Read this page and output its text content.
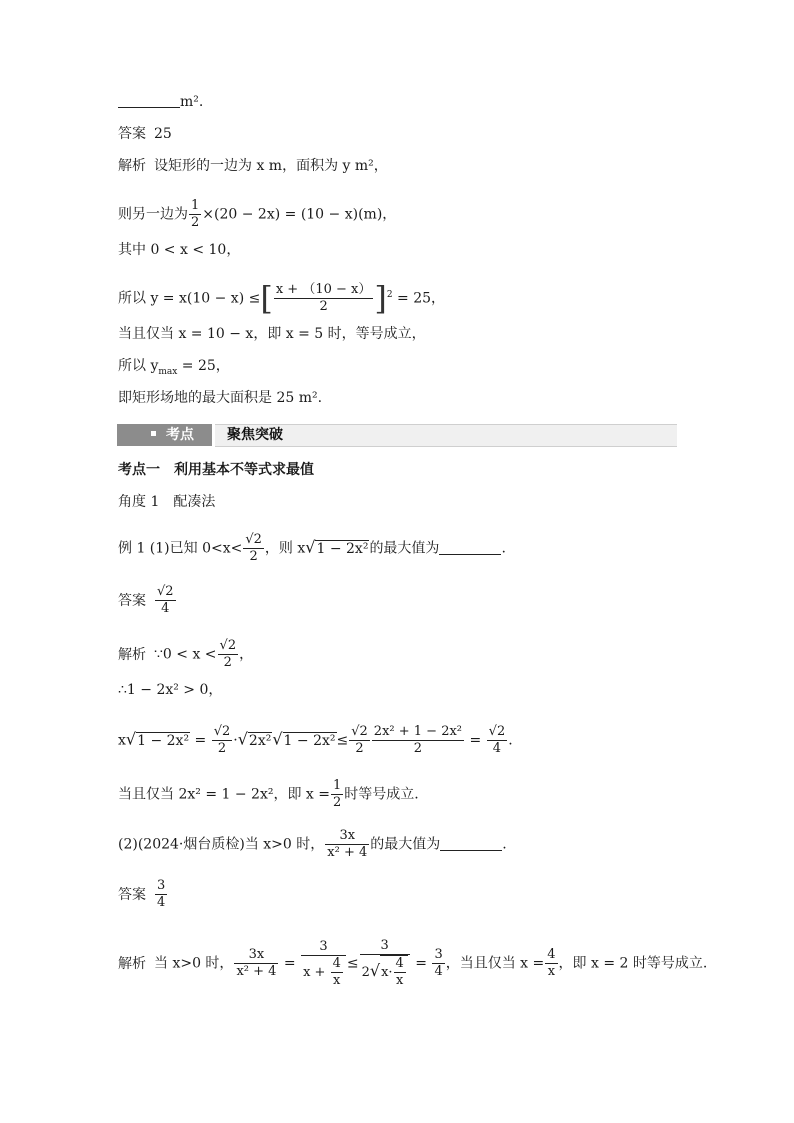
m².
答案 25
解析 设矩形的一边为 x m，面积为 y m²，
则另一边为 $\frac{1}{2} \times(20 - 2x) = (10 - x)(m)$，
其中 0 < x < 10，
所以 y = x(10 − x) ≤[ $\frac{x + (10 - x)}{2} ]^2 = 25$，
当且仅当 x = 10 − x，即 x = 5 时，等号成立，
所以 $y_{max} = 25$，
即矩形场地的最大面积是 25 m².
考点	聚焦突破
考点一　利用基本不等式求最值
角度 1　配凑法
例 1 (1)已知 $0<x< \frac{√2}{2}$ ，则 x√1 − 2x²的最大值为	.
答案 $\frac{√2}{4}$
解析 ∵0 < $x < \frac{√2}{2}$ ，
∴1 − 2x² > 0，
$x√1 - 2x^2 = \frac{√2}{2} \cdot√2x^2√1 - 2x^2\le \frac{√2}{2} \frac{\text{2x² + 1 − 2x²}}{2} = \frac{√2}{4}$ .
当且仅当 2x² = 1 − 2x²，即 $x = \frac{1}{2}$ 时等号成立.
(2)(2024·烟台质检)当 x>0 时， $\frac{3x}{\text{x² + 4}}$ 的最大值为	.
答案 $\frac{3}{4}$
解析 当 x>0 时， $\frac{3x}{\text{x² + 4}} = \frac{3}{x + \frac{4}{x}} \le \frac{3}{2√x\cdot \frac{4}{x}} = \frac{3}{4}$ ，当且仅当 $x = \frac{4}{x}$ ，即 x = 2 时等号成立.
